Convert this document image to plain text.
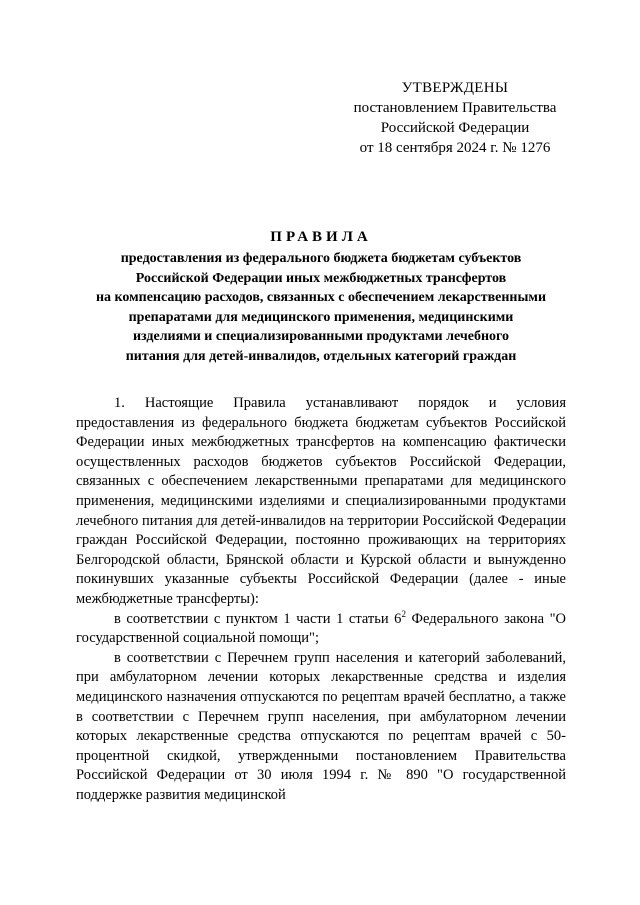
УТВЕРЖДЕНЫ
постановлением Правительства
Российской Федерации
от 18 сентября 2024 г. № 1276
ПРАВИЛА
предоставления из федерального бюджета бюджетам субъектов
Российской Федерации иных межбюджетных трансфертов
на компенсацию расходов, связанных с обеспечением лекарственными
препаратами для медицинского применения, медицинскими
изделиями и специализированными продуктами лечебного
питания для детей-инвалидов, отдельных категорий граждан

1. Настоящие Правила устанавливают порядок и условия предоставления из федерального бюджета бюджетам субъектов Российской Федерации иных межбюджетных трансфертов на компенсацию фактически осуществленных расходов бюджетов субъектов Российской Федерации, связанных с обеспечением лекарственными препаратами для медицинского применения, медицинскими изделиями и специализированными продуктами лечебного питания для детей-инвалидов на территории Российской Федерации граждан Российской Федерации, постоянно проживающих на территориях Белгородской области, Брянской области и Курской области и вынужденно покинувших указанные субъекты Российской Федерации (далее - иные межбюджетные трансферты):

в соответствии с пунктом 1 части 1 статьи $6^2$ Федерального закона "О государственной социальной помощи";

в соответствии с Перечнем групп населения и категорий заболеваний, при амбулаторном лечении которых лекарственные средства и изделия медицинского назначения отпускаются по рецептам врачей бесплатно, а также в соответствии с Перечнем групп населения, при амбулаторном лечении которых лекарственные средства отпускаются по рецептам врачей с 50-процентной скидкой, утвержденными постановлением Правительства Российской Федерации от 30 июля 1994 г. № 890 "О государственной поддержке развития медицинской
